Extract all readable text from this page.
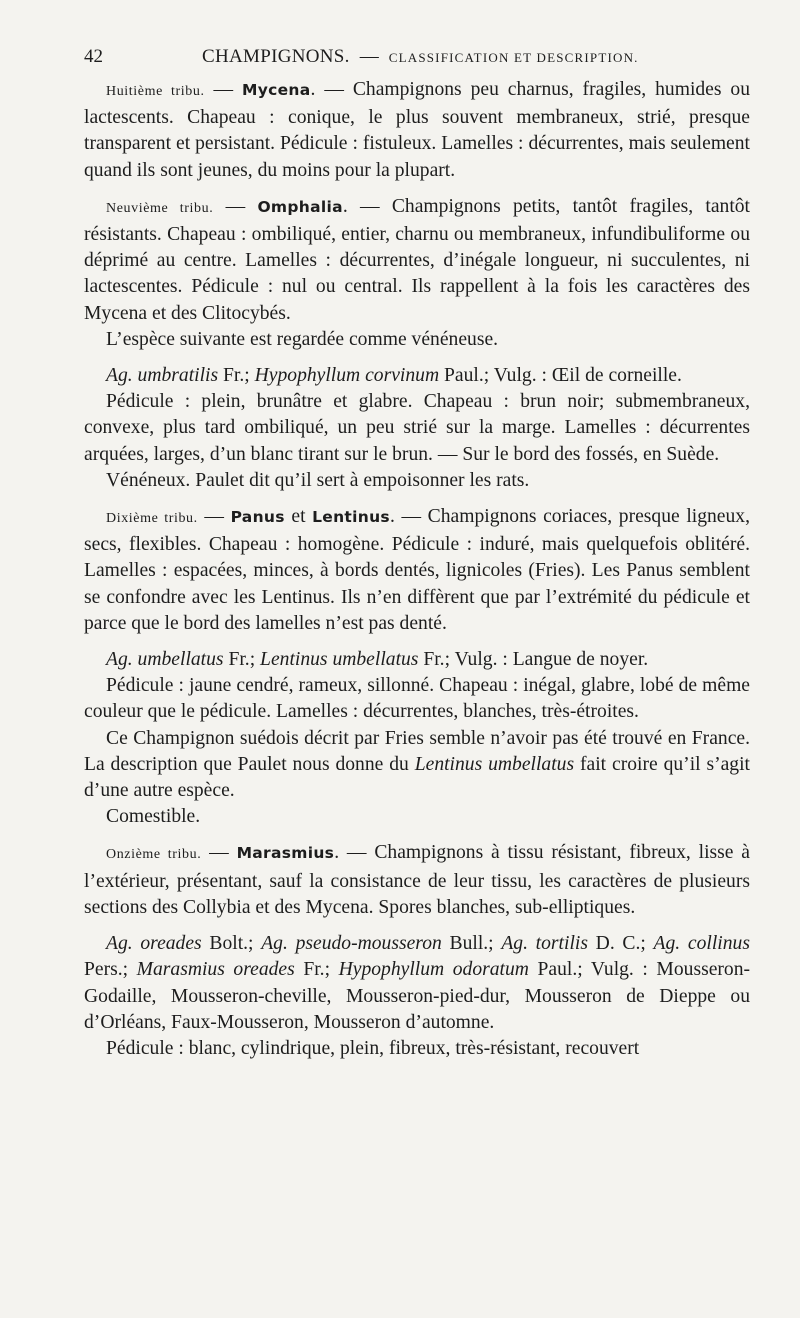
42	CHAMPIGNONS. — CLASSIFICATION ET DESCRIPTION.

Huitième tribu. — Mycena. — Champignons peu charnus, fragiles, humides ou lactescents. Chapeau : conique, le plus souvent membraneux, strié, presque transparent et persistant. Pédicule : fistuleux. Lamelles : décurrentes, mais seulement quand ils sont jeunes, du moins pour la plupart.

Neuvième tribu. — Omphalia. — Champignons petits, tantôt fragiles, tantôt résistants. Chapeau : ombiliqué, entier, charnu ou membraneux, infundibuliforme ou déprimé au centre. Lamelles : décurrentes, d’inégale longueur, ni succulentes, ni lactescentes. Pédicule : nul ou central. Ils rappellent à la fois les caractères des Mycena et des Clitocybés.

L’espèce suivante est regardée comme vénéneuse.

Ag. umbratilis Fr.; Hypophyllum corvinum Paul.; Vulg. : Œil de corneille.

Pédicule : plein, brunâtre et glabre. Chapeau : brun noir; submembraneux, convexe, plus tard ombiliqué, un peu strié sur la marge. Lamelles : décurrentes arquées, larges, d’un blanc tirant sur le brun. — Sur le bord des fossés, en Suède.

Vénéneux. Paulet dit qu’il sert à empoisonner les rats.

Dixième tribu. — Panus et Lentinus. — Champignons coriaces, presque ligneux, secs, flexibles. Chapeau : homogène. Pédicule : induré, mais quelquefois oblitéré. Lamelles : espacées, minces, à bords dentés, lignicoles (Fries). Les Panus semblent se confondre avec les Lentinus. Ils n’en diffèrent que par l’extrémité du pédicule et parce que le bord des lamelles n’est pas denté.

Ag. umbellatus Fr.; Lentinus umbellatus Fr.; Vulg. : Langue de noyer.

Pédicule : jaune cendré, rameux, sillonné. Chapeau : inégal, glabre, lobé de même couleur que le pédicule. Lamelles : décurrentes, blanches, très-étroites.

Ce Champignon suédois décrit par Fries semble n’avoir pas été trouvé en France. La description que Paulet nous donne du Lentinus umbellatus fait croire qu’il s’agit d’une autre espèce.

Comestible.

Onzième tribu. — Marasmius. — Champignons à tissu résistant, fibreux, lisse à l’extérieur, présentant, sauf la consistance de leur tissu, les caractères de plusieurs sections des Collybia et des Mycena. Spores blanches, sub-elliptiques.

Ag. oreades Bolt.; Ag. pseudo-mousseron Bull.; Ag. tortilis D. C.; Ag. collinus Pers.; Marasmius oreades Fr.; Hypophyllum odoratum Paul.; Vulg. : Mousseron-Godaille, Mousseron-cheville, Mousseron-pied-dur, Mousseron de Dieppe ou d’Orléans, Faux-Mousseron, Mousseron d’automne.

Pédicule : blanc, cylindrique, plein, fibreux, très-résistant, recouvert
